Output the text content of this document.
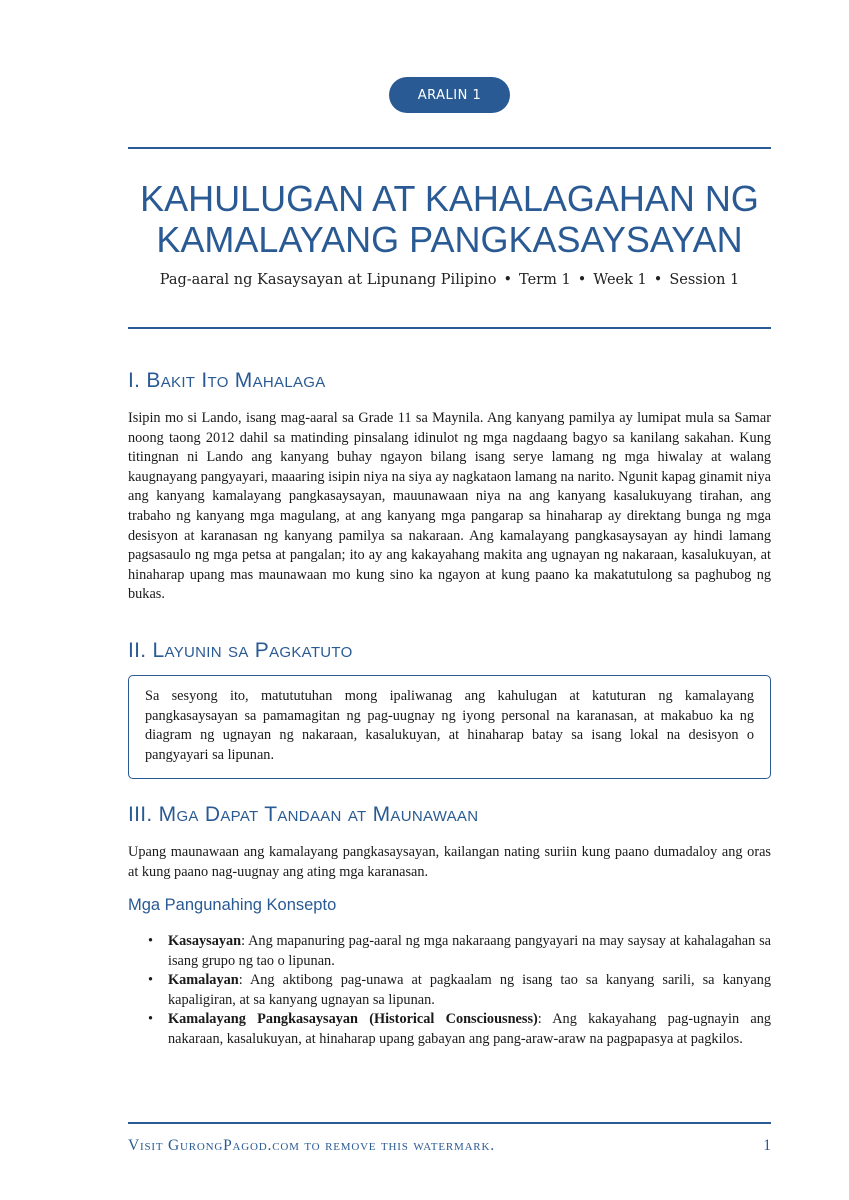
ARALIN 1
KAHULUGAN AT KAHALAGAHAN NG KAMALAYANG PANGKASAYSAYAN
Pag-aaral ng Kasaysayan at Lipunang Pilipino • Term 1 • Week 1 • Session 1
I. Bakit Ito Mahalaga

Isipin mo si Lando, isang mag-aaral sa Grade 11 sa Maynila. Ang kanyang pamilya ay lumipat mula sa Samar noong taong 2012 dahil sa matinding pinsalang idinulot ng mga nagdaang bagyo sa kanilang sakahan. Kung titingnan ni Lando ang kanyang buhay ngayon bilang isang serye lamang ng mga hiwalay at walang kaugnayang pangyayari, maaaring isipin niya na siya ay nagkataon lamang na narito. Ngunit kapag ginamit niya ang kanyang kamalayang pangkasaysayan, mauunawaan niya na ang kanyang kasalukuyang tirahan, ang trabaho ng kanyang mga magulang, at ang kanyang mga pangarap sa hinaharap ay direktang bunga ng mga desisyon at karanasan ng kanyang pamilya sa nakaraan. Ang kamalayang pangkasaysayan ay hindi lamang pagsasaulo ng mga petsa at pangalan; ito ay ang kakayahang makita ang ugnayan ng nakaraan, kasalukuyan, at hinaharap upang mas maunawaan mo kung sino ka ngayon at kung paano ka makatutulong sa paghubog ng bukas.

II. Layunin sa Pagkatuto

Sa sesyong ito, matututuhan mong ipaliwanag ang kahulugan at katuturan ng kamalayang pangkasaysayan sa pamamagitan ng pag-uugnay ng iyong personal na karanasan, at makabuo ka ng diagram ng ugnayan ng nakaraan, kasalukuyan, at hinaharap batay sa isang lokal na desisyon o pangyayari sa lipunan.

III. Mga Dapat Tandaan at Maunawaan

Upang maunawaan ang kamalayang pangkasaysayan, kailangan nating suriin kung paano dumadaloy ang oras at kung paano nag-uugnay ang ating mga karanasan.

Mga Pangunahing Konsepto
• Kasaysayan: Ang mapanuring pag-aaral ng mga nakaraang pangyayari na may saysay at kahalagahan sa isang grupo ng tao o lipunan.
• Kamalayan: Ang aktibong pag-unawa at pagkaalam ng isang tao sa kanyang sarili, sa kanyang kapaligiran, at sa kanyang ugnayan sa lipunan.
• Kamalayang Pangkasaysayan (Historical Consciousness): Ang kakayahang pag-ugnayin ang nakaraan, kasalukuyan, at hinaharap upang gabayan ang pang-araw-araw na pagpapasya at pagkilos.
Visit GurongPagod.com to remove this watermark.	1
